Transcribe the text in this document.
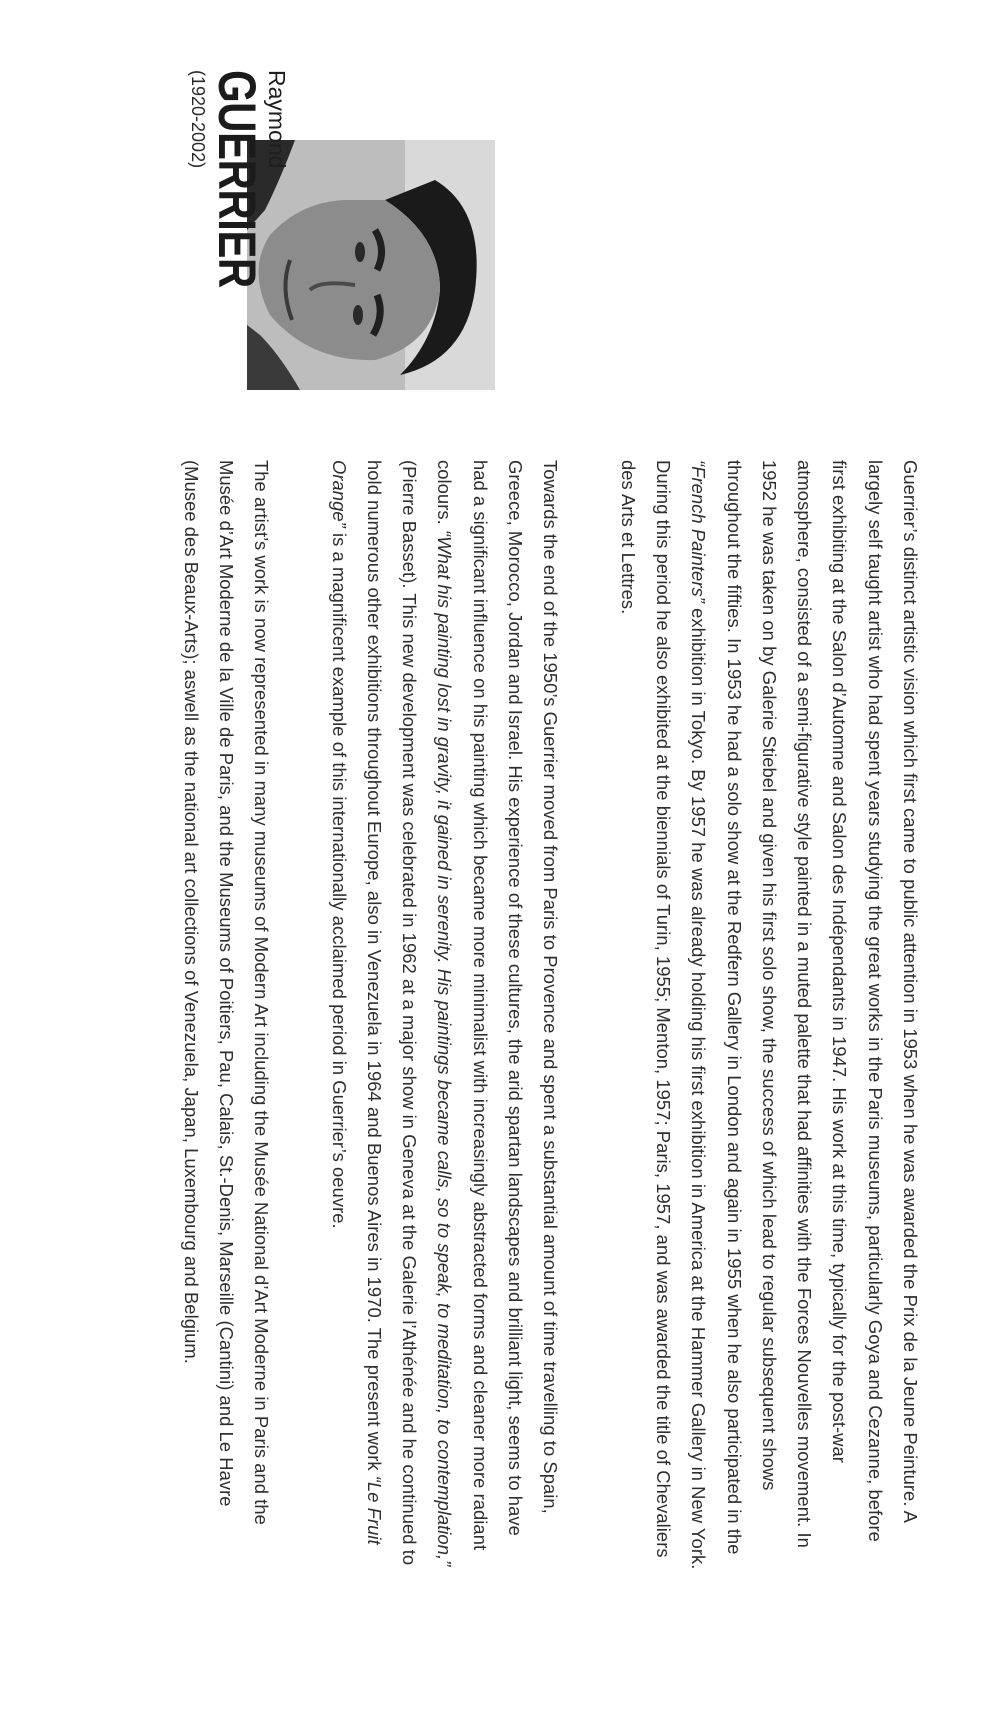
Raymond
GUERRIER
(1920-2002)

Guerrier’s distinct artistic vision which first came to public attention in 1953 when he was awarded the Prix de la Jeune Peinture. A largely self taught artist who had spent years studying the great works in the Paris museums, particularly Goya and Cezanne, before first exhibiting at the Salon d’Automne and Salon des Indépendants in 1947. His work at this time, typically for the post-war atmosphere, consisted of a semi-figurative style painted in a muted palette that had affinities with the Forces Nouvelles movement. In 1952 he was taken on by Galerie Stiebel and given his first solo show, the success of which lead to regular subsequent shows throughout the fifties. In 1953 he had a solo show at the Redfern Gallery in London and again in 1955 when he also participated in the “French Painters” exhibition in Tokyo. By 1957 he was already holding his first exhibition in America at the Hammer Gallery in New York. During this period he also exhibited at the biennials of Turin, 1955; Menton, 1957; Paris, 1957, and was awarded the title of Chevaliers des Arts et Lettres.

Towards the end of the 1950’s Guerrier moved from Paris to Provence and spent a substantial amount of time travelling to Spain, Greece, Morocco, Jordan and Israel. His experience of these cultures, the arid spartan landscapes and brilliant light, seems to have had a significant influence on his painting which became more minimalist with increasingly abstracted forms and cleaner more radiant colours. “What his painting lost in gravity, it gained in serenity. His paintings became calls, so to speak, to meditation, to contemplation,” (Pierre Basset). This new development was celebrated in 1962 at a major show in Geneva at the Galerie l’Athénée and he continued to hold numerous other exhibitions throughout Europe, also in Venezuela in 1964 and Buenos Aires in 1970. The present work “Le Fruit Orange” is a magnificent example of this internationally acclaimed period in Guerrier’s oeuvre.

The artist’s work is now represented in many museums of Modern Art including the Musée National d’Art Moderne in Paris and the Musée d’Art Moderne de la Ville de Paris, and the Museums of Poitiers, Pau, Calais, St.-Denis, Marseille (Cantini) and Le Havre (Musee des Beaux-Arts); aswell as the national art collections of Venezuela, Japan, Luxembourg and Belgium.
